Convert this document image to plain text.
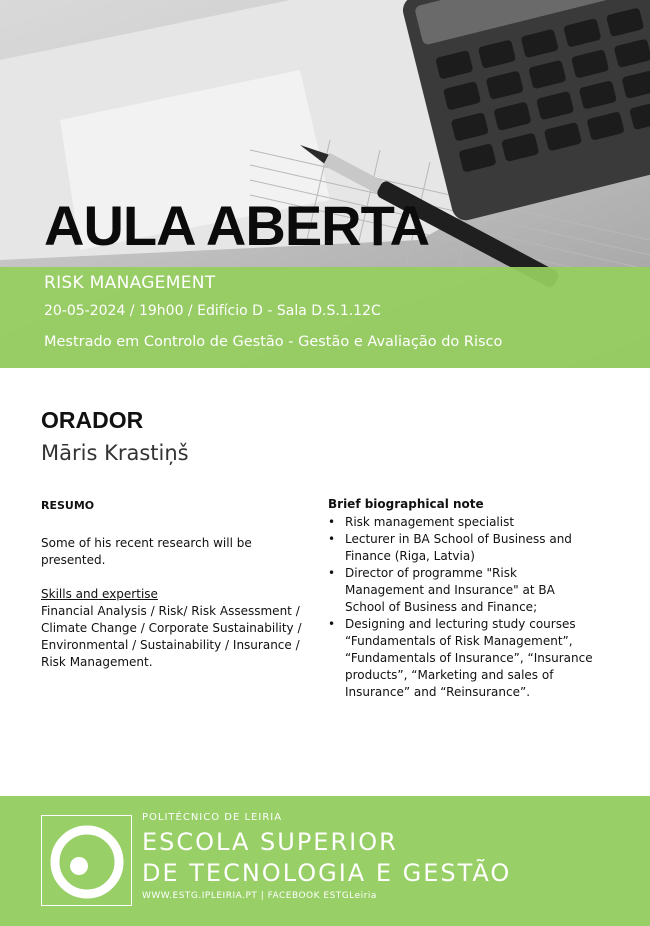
AULA ABERTA
RISK MANAGEMENT
20-05-2024 / 19h00 / Edifício D - Sala D.S.1.12C
Mestrado em Controlo de Gestão - Gestão e Avaliação do Risco
ORADOR
Māris Krastiņš

RESUMO

Some of his recent research will be presented.

Skills and expertise

Financial Analysis / Risk/ Risk Assessment / Climate Change / Corporate Sustainability / Environmental / Sustainability / Insurance / Risk Management.

Brief biographical note

• Risk management specialist
• Lecturer in BA School of Business and Finance (Riga, Latvia)
• Director of programme "Risk Management and Insurance" at BA School of Business and Finance;
• Designing and lecturing study courses “Fundamentals of Risk Management”, “Fundamentals of Insurance”, “Insurance products”, “Marketing and sales of Insurance” and “Reinsurance”.
POLITÉCNICO DE LEIRIA
ESCOLA SUPERIOR
DE TECNOLOGIA E GESTÃO
WWW.ESTG.IPLEIRIA.PT | FACEBOOK ESTGLeiria
